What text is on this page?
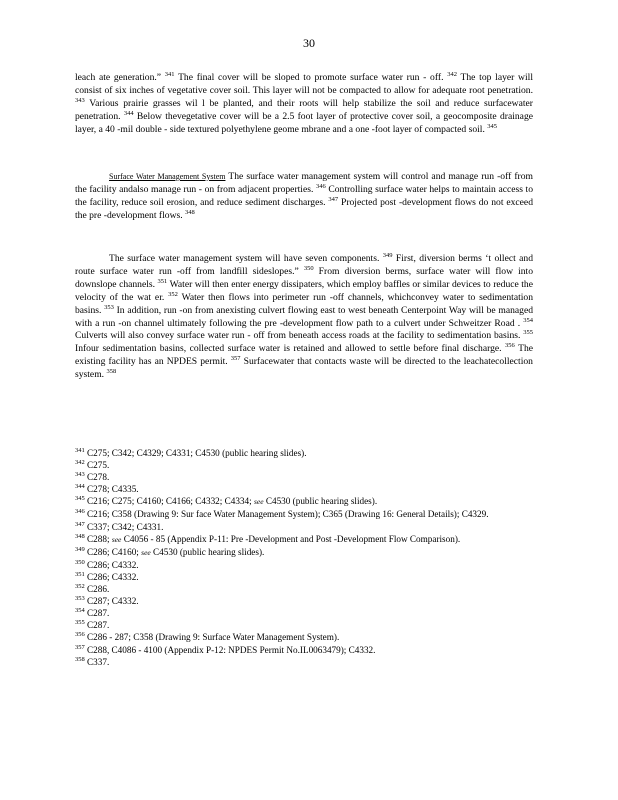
30
leach ate generation.” $^{341}$ The final cover will be sloped to promote surface water run - off. $^{342}$ The top layer will consist of six inches of vegetative cover soil. This layer will not be compacted to allow for adequate root penetration. $^{343}$ Various prairie grasses wil l be planted, and their roots will help stabilize the soil and reduce surfacewater penetration. $^{344}$ Below thevegetative cover will be a 2.5 foot layer of protective cover soil, a geocomposite drainage layer, a 40 -mil double - side textured polyethylene geome mbrane and a one -foot layer of compacted soil. $^{345}$
Surface Water Management System The surface water management system will control and manage run -off from the facility andalso manage run - on from adjacent properties. $^{346}$ Controlling surface water helps to maintain access to the facility, reduce soil erosion, and reduce sediment discharges. $^{347}$ Projected post -development flows do not exceed the pre -development flows. $^{348}$
The surface water management system will have seven components. $^{349}$ First, diversion berms ‘t ollect and route surface water run -off from landfill sideslopes.” $^{350}$ From diversion berms, surface water will flow into downslope channels. $^{351}$ Water will then enter energy dissipaters, which employ baffles or similar devices to reduce the velocity of the wat er. $^{352}$ Water then flows into perimeter run -off channels, whichconvey water to sedimentation basins. $^{353}$ In addition, run -on from anexisting culvert flowing east to west beneath Centerpoint Way will be managed with a run -on channel ultimately following the pre -development flow path to a culvert under Schweitzer Road . $^{354}$ Culverts will also convey surface water run - off from beneath access roads at the facility to sedimentation basins. $^{355}$ Infour sedimentation basins, collected surface water is retained and allowed to settle before final discharge. $^{356}$ The existing facility has an NPDES permit. $^{357}$ Surfacewater that contacts waste will be directed to the leachatecollection system. $^{358}$
$^{341}$ C275; C342; C4329; C4331; C4530 (public hearing slides).
$^{342}$ C275.
$^{343}$ C278.
$^{344}$ C278; C4335.
$^{345}$ C216; C275; C4160; C4166; C4332; C4334; see C4530 (public hearing slides).
$^{346}$ C216; C358 (Drawing 9: Sur face Water Management System); C365 (Drawing 16: General Details); C4329.
$^{347}$ C337; C342; C4331.
$^{348}$ C288; see C4056 - 85 (Appendix P-11: Pre -Development and Post -Development Flow Comparison).
$^{349}$ C286; C4160; see C4530 (public hearing slides).
$^{350}$ C286; C4332.
$^{351}$ C286; C4332.
$^{352}$ C286.
$^{353}$ C287; C4332.
$^{354}$ C287.
$^{355}$ C287.
$^{356}$ C286 - 287; C358 (Drawing 9: Surface Water Management System).
$^{357}$ C288, C4086 - 4100 (Appendix P-12: NPDES Permit No.IL0063479); C4332.
$^{358}$ C337.
